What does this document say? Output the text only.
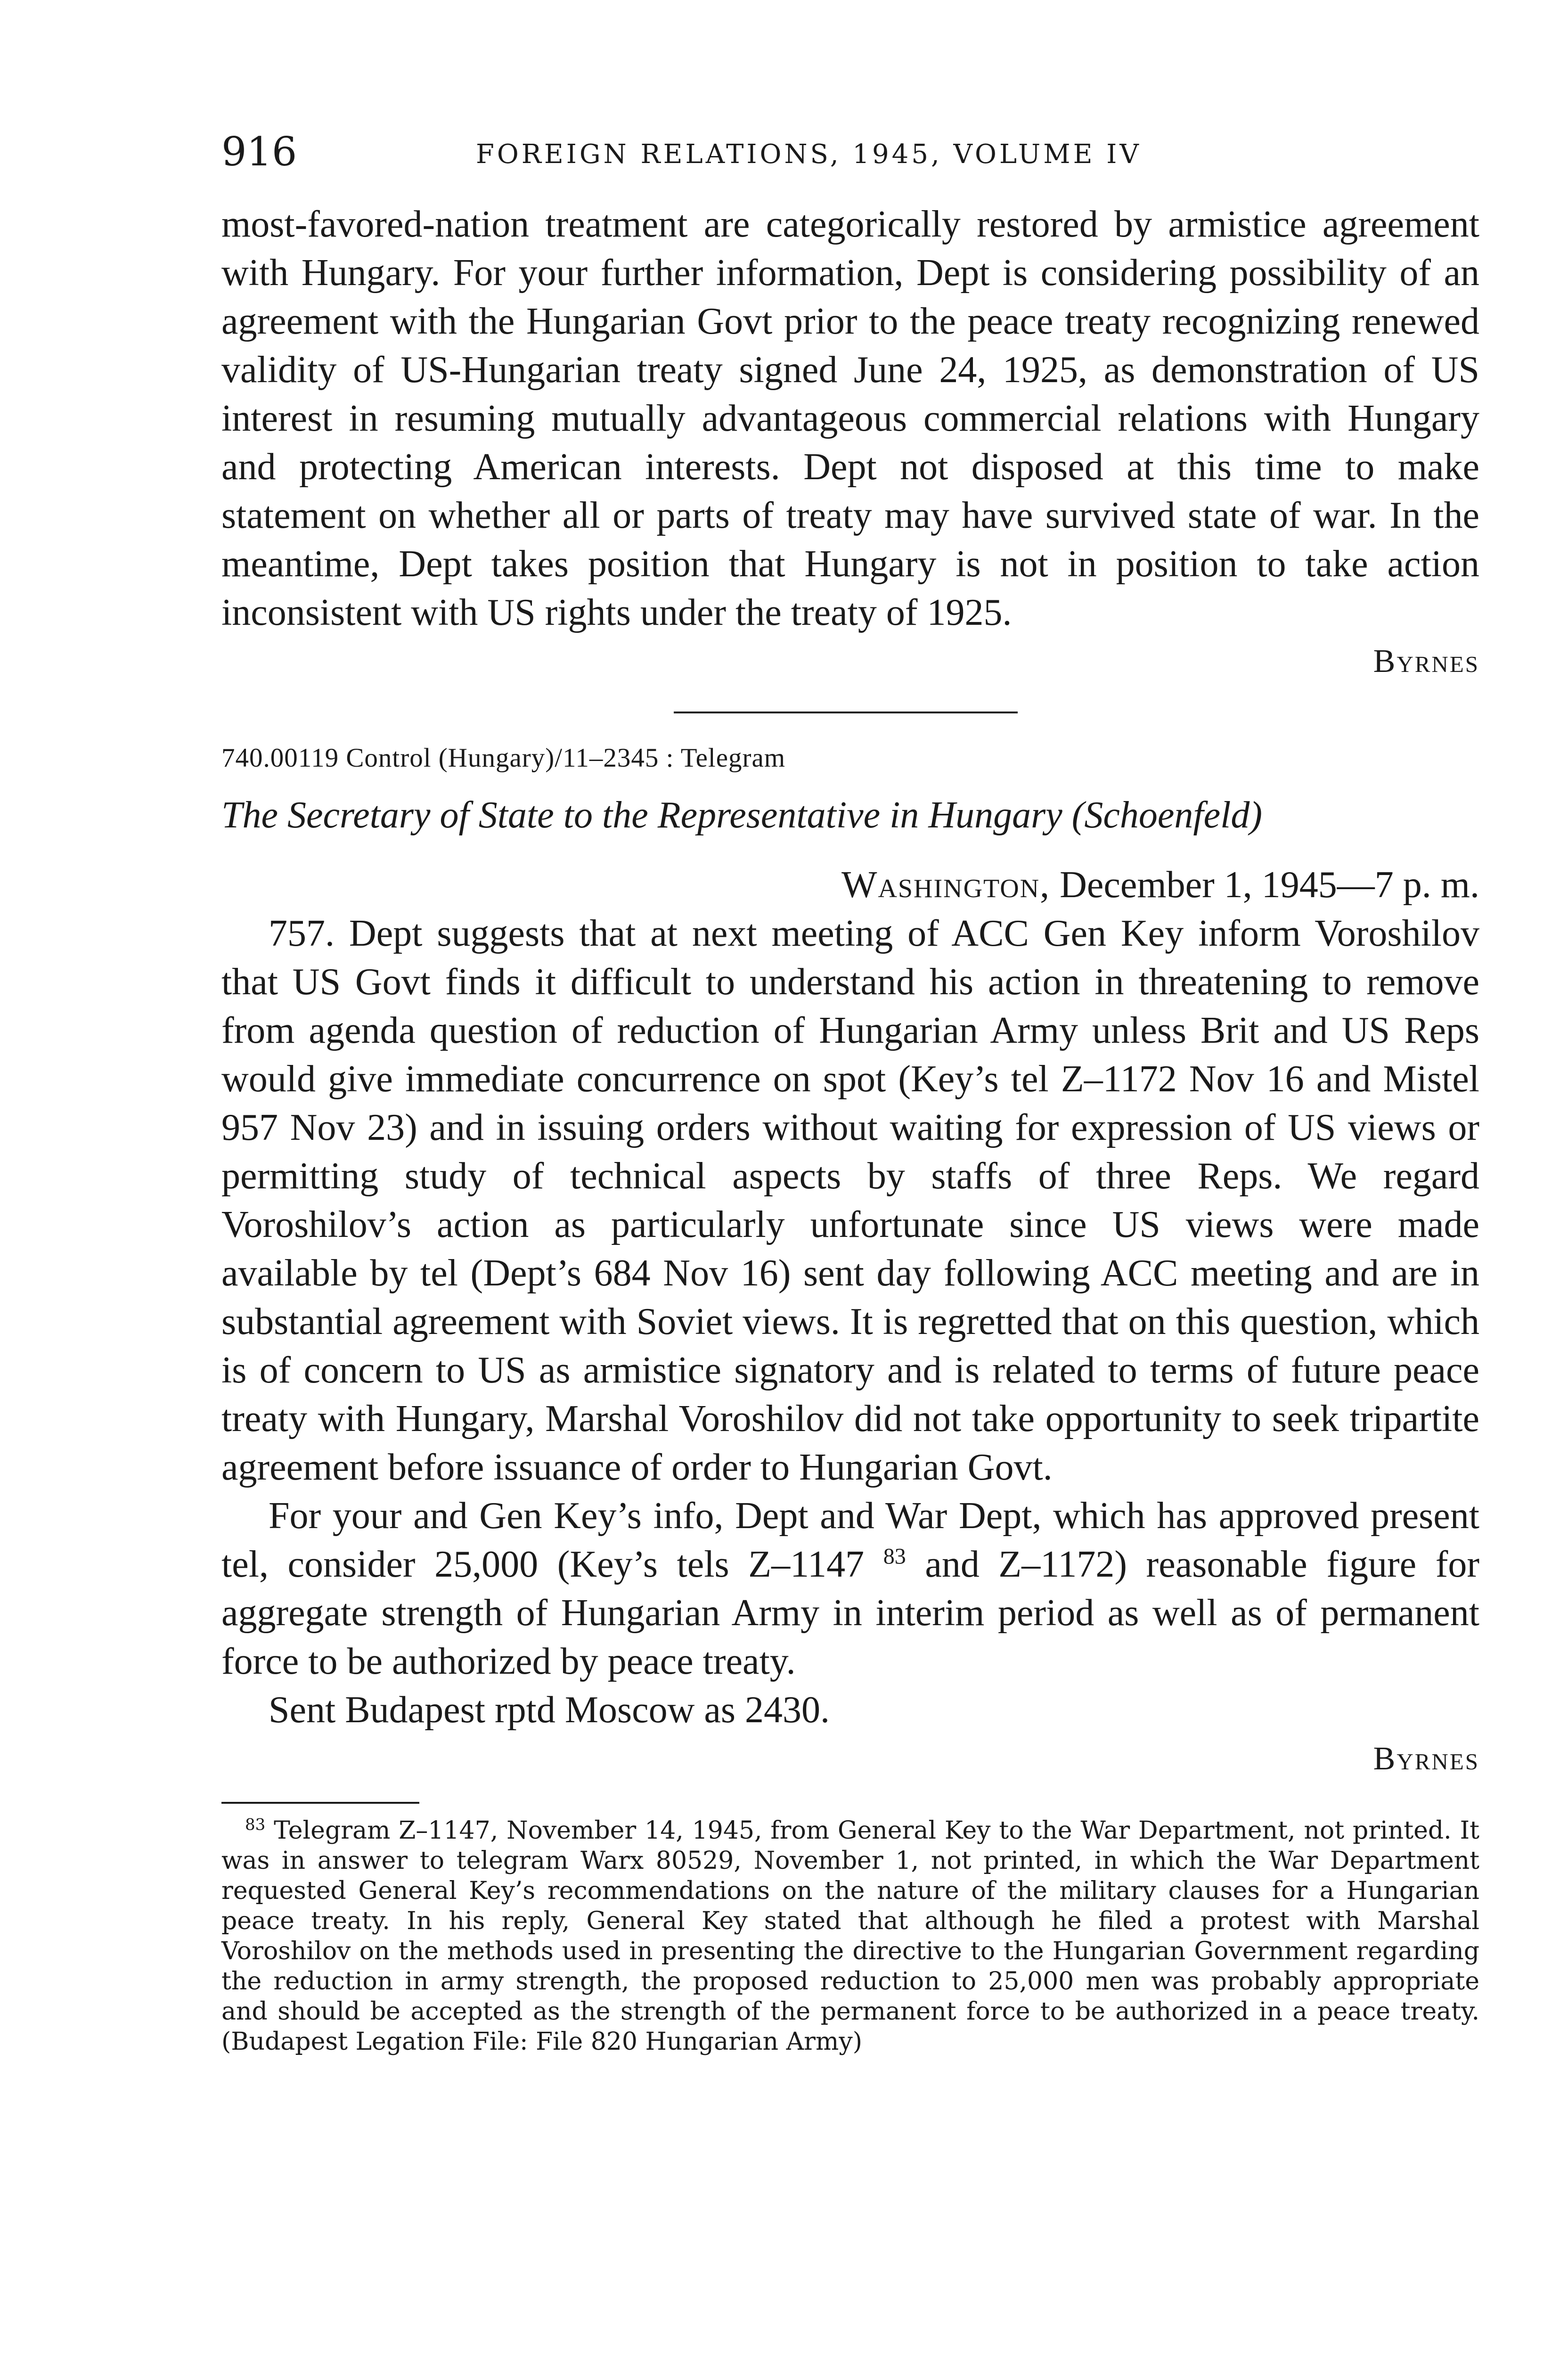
916	FOREIGN RELATIONS, 1945, VOLUME IV

most-favored-nation treatment are categorically restored by armistice agreement with Hungary. For your further information, Dept is considering possibility of an agreement with the Hungarian Govt prior to the peace treaty recognizing renewed validity of US-Hungarian treaty signed June 24, 1925, as demonstration of US interest in resuming mutually advantageous commercial relations with Hungary and protecting American interests. Dept not disposed at this time to make statement on whether all or parts of treaty may have survived state of war. In the meantime, Dept takes position that Hungary is not in position to take action inconsistent with US rights under the treaty of 1925.

Byrnes
740.00119 Control (Hungary)/11–2345 : Telegram
The Secretary of State to the Representative in Hungary (Schoenfeld)
Washington, December 1, 1945—7 p. m.

757. Dept suggests that at next meeting of ACC Gen Key inform Voroshilov that US Govt finds it difficult to understand his action in threatening to remove from agenda question of reduction of Hungarian Army unless Brit and US Reps would give immediate concurrence on spot (Key’s tel Z–1172 Nov 16 and Mistel 957 Nov 23) and in issuing orders without waiting for expression of US views or permitting study of technical aspects by staffs of three Reps. We regard Voroshilov’s action as particularly unfortunate since US views were made available by tel (Dept’s 684 Nov 16) sent day following ACC meeting and are in substantial agreement with Soviet views. It is regretted that on this question, which is of concern to US as armistice signatory and is related to terms of future peace treaty with Hungary, Marshal Voroshilov did not take opportunity to seek tripartite agreement before issuance of order to Hungarian Govt.

For your and Gen Key’s info, Dept and War Dept, which has approved present tel, consider 25,000 (Key’s tels Z–1147 $^{83}$ and Z–1172) reasonable figure for aggregate strength of Hungarian Army in interim period as well as of permanent force to be authorized by peace treaty.

Sent Budapest rptd Moscow as 2430.

Byrnes

$^{83}$ Telegram Z–1147, November 14, 1945, from General Key to the War Department, not printed. It was in answer to telegram Warx 80529, November 1, not printed, in which the War Department requested General Key’s recommendations on the nature of the military clauses for a Hungarian peace treaty. In his reply, General Key stated that although he filed a protest with Marshal Voroshilov on the methods used in presenting the directive to the Hungarian Government regarding the reduction in army strength, the proposed reduction to 25,000 men was probably appropriate and should be accepted as the strength of the permanent force to be authorized in a peace treaty. (Budapest Legation File: File 820 Hungarian Army)
